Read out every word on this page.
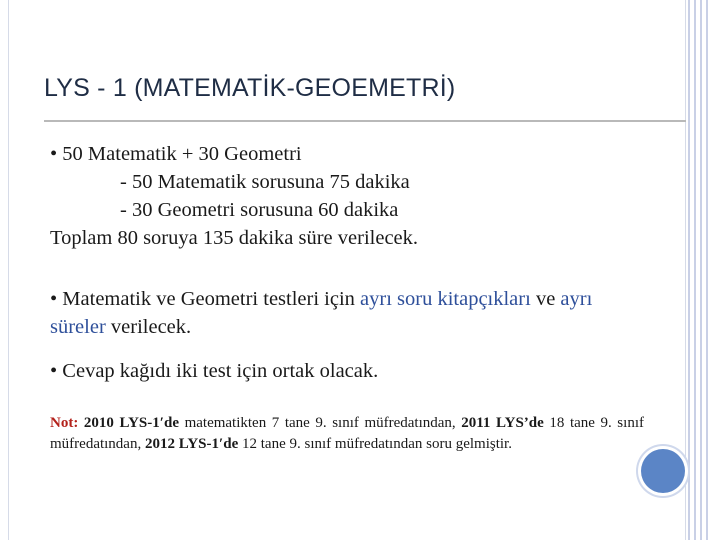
LYS - 1 (MATEMATİK-GEOEMETRİ)
• 50 Matematik + 30 Geometri
- 50 Matematik sorusuna 75 dakika
- 30 Geometri sorusuna 60 dakika
Toplam 80 soruya 135 dakika süre verilecek.
• Matematik ve Geometri testleri için ayrı soru kitapçıkları ve ayrı süreler verilecek.
• Cevap kağıdı iki test için ortak olacak.
Not: 2010 LYS-1′de matematikten 7 tane 9. sınıf müfredatından, 2011 LYS’de 18 tane 9. sınıf müfredatından, 2012 LYS-1′de 12 tane 9. sınıf müfredatından soru gelmiştir.
